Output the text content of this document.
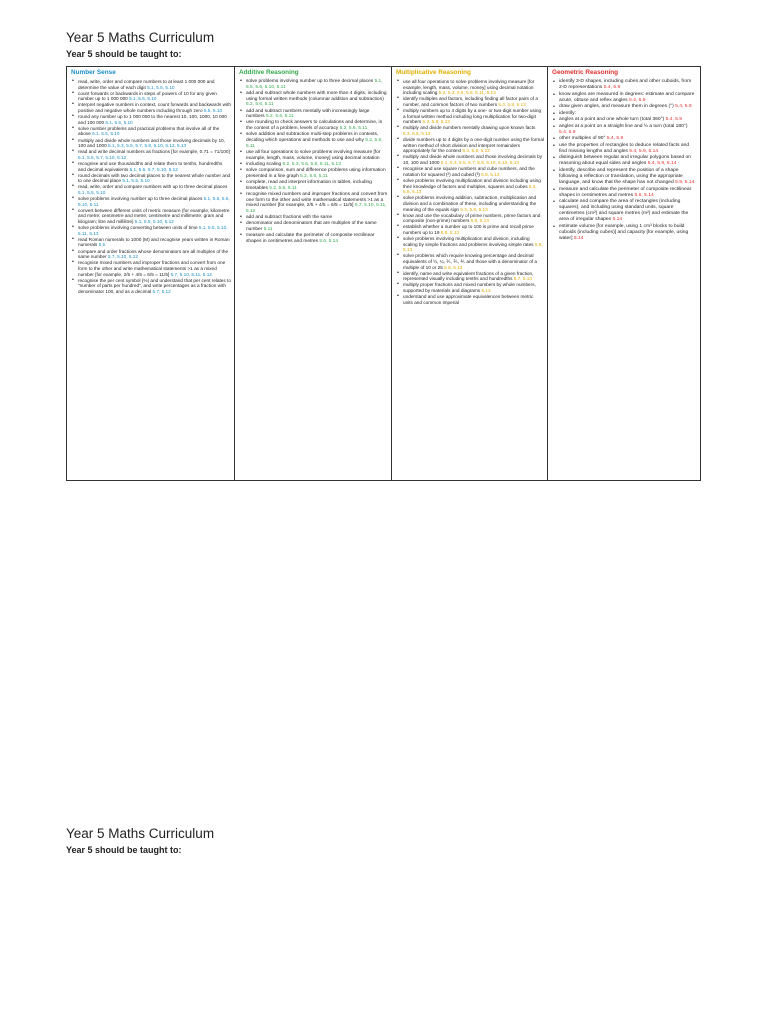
Year 5 Maths Curriculum
Year 5 should be taught to:
Number Sense
• read, write, order and compare numbers to at least 1 000 000 and determine the value of each digit 5.1, 5.5, 5.10
• count forwards or backwards in steps of powers of 10 for any given number up to 1 000 000 5.1, 5.5, 5.10
• interpret negative numbers in context, count forwards and backwards with positive and negative whole numbers including through zero 5.5, 5.10
• round any number up to 1 000 000 to the nearest 10, 100, 1000, 10 000 and 100 000 5.1, 5.5, 5.10
• solve number problems and practical problems that involve all of the above 5.1, 5.5, 5.10
• multiply and divide whole numbers and those involving decimals by 10, 100 and 1000 5.1, 5.3, 5.5, 5.7, 5.8, 5.10, 5.12, 5.13
• read and write decimal numbers as fractions [for example, 0.71 = 71/100] 5.1, 5.5, 5.7, 5.10, 5.12
• recognise and use thousandths and relate them to tenths, hundredths and decimal equivalents 5.1, 5.5, 5.7, 5.10, 5.12
• round decimals with two decimal places to the nearest whole number and to one decimal place 5.1, 5.5, 5.10
• read, write, order and compare numbers with up to three decimal places 5.1, 5.5, 5.10
• solve problems involving number up to three decimal places 5.1, 5.5, 5.6, 5.10, 5.11
• convert between different units of metric measure (for example, kilometre and metre; centimetre and metre; centimetre and millimetre; gram and kilogram; litre and millilitre) 5.1, 5.5, 5.10, 5.12
• solve problems involving converting between units of time 5.1, 5.5, 5.10, 5.11, 5.13
• read Roman numerals to 1000 (M) and recognise years written in Roman numerals 5.5
• compare and order fractions whose denominators are all multiples of the same number 5.7, 5.10, 5.12
• recognise mixed numbers and improper fractions and convert from one form to the other and write mathematical statements >1 as a mixed number [for example, 2/5 + 4/5 = 6/5 = 11/5] 5.7, 5.10, 5.11, 5.12
• recognise the per cent symbol (%) and understand that per cent relates to "number of parts per hundred", and write percentages as a fraction with denominator 100, and as a decimal 5.7, 5.12

Additive Reasoning
• solve problems involving number up to three decimal places 5.1, 5.5, 5.6, 5.10, 5.11
• add and subtract whole numbers with more than 4 digits, including using formal written methods (columnar addition and subtraction) 5.2, 5.6, 5.11
• add and subtract numbers mentally with increasingly large numbers 5.2, 5.6, 5.11
• use rounding to check answers to calculations and determine, in the context of a problem, levels of accuracy 5.2, 5.6, 5.11
• solve addition and subtraction multi-step problems in contexts, deciding which operations and methods to use and why 5.2, 5.6, 5.11
• use all four operations to solve problems involving measure [for example, length, mass, volume, money] using decimal notation
• including scaling 5.2, 5.3, 5.6, 5.8, 5.11, 5.13
• solve comparison, sum and difference problems using information presented in a line graph 5.2, 5.6, 5.11
• complete, read and interpret information in tables, including timetables 5.2, 5.6, 5.11
• recognise mixed numbers and improper fractions and convert from one form to the other and write mathematical statements >1 as a mixed number [for example, 2/5 + 4/5 = 6/5 = 11/5] 5.7, 5.10, 5.11, 5.12
• add and subtract fractions with the same
• denominator and denominators that are multiples of the same number 5.11
• measure and calculate the perimeter of composite rectilinear shapes in centimetres and metres 5.6, 5.14

Multiplicative Reasoning
• use all four operations to solve problems involving measure [for example, length, mass, volume, money] using decimal notation including scaling 5.2, 5.3, 5.6, 5.8, 5.11, 5.13
• identify multiples and factors, including finding all factor pairs of a number, and common factors of two numbers 5.3, 5.8, 5.13
• multiply numbers up to 4 digits by a one- or two-digit number using a formal written method including long multiplication for two-digit numbers 5.3, 5.8, 5.13
• multiply and divide numbers mentally drawing upon known facts 5.3, 5.8, 5.13
• divide numbers up to 4 digits by a one-digit number using the formal written method of short division and interpret remainders appropriately for the context 5.3, 5.8, 5.13
• multiply and divide whole numbers and those involving decimals by 10, 100 and 1000 5.1, 5.3, 5.5, 5.7, 5.8, 5.10, 5.12, 5.13
• recognise and use square numbers and cube numbers, and the notation for squared (²) and cubed (³) 5.8, 5.13
• solve problems involving multiplication and division including using their knowledge of factors and multiples, squares and cubes 5.3, 5.8, 5.13
• solve problems involving addition, subtraction, multiplication and division and a combination of these, including understanding the meaning of the equals sign 5.3, 5.8, 5.13
• know and use the vocabulary of prime numbers, prime factors and composite (non-prime) numbers 5.8, 5.13
• establish whether a number up to 100 is prime and recall prime numbers up to 19 5.8, 5.13
• solve problems involving multiplication and division, including scaling by simple fractions and problems involving simple rates 5.8, 5.13
• solve problems which require knowing percentage and decimal equivalents of ½, ¼, ⅕, ⅖, ⅘ and those with a denominator of a multiple of 10 or 25 5.8, 5.13
• identify, name and write equivalent fractions of a given fraction, represented visually including tenths and hundredths 5.7, 5.13
• multiply proper fractions and mixed numbers by whole numbers, supported by materials and diagrams 5.13
• understand and use approximate equivalences between metric units and common imperial

Geometric Reasoning
• identify 3-D shapes, including cubes and other cuboids, from 2-D representations 5.4, 5.9
• know angles are measured in degrees: estimate and compare acute, obtuse and reflex angles 5.4, 5.9
• draw given angles, and measure them in degrees (°) 5.4, 5.9
• identify:
• angles at a point and one whole turn (total 360°) 5.4, 5.9
• angles at a point on a straight line and ½ a turn (total 180°) 5.4, 5.9
• other multiples of 90° 5.4, 5.9
• use the properties of rectangles to deduce related facts and find missing lengths and angles 5.4, 5.9, 5.14
• distinguish between regular and irregular polygons based on reasoning about equal sides and angles 5.4, 5.9, 5.14
• identify, describe and represent the position of a shape following a reflection or translation, using the appropriate language, and know that the shape has not changed 5.9, 5.14
• measure and calculate the perimeter of composite rectilinear shapes in centimetres and metres 5.6, 5.14
• calculate and compare the area of rectangles (including squares), and including using standard units, square centimetres (cm²) and square metres (m²) and estimate the area of irregular shapes 5.14
• estimate volume [for example, using 1 cm³ blocks to build cuboids (including cubes)] and capacity [for example, using water] 5.14
Year 5 Maths Curriculum
Year 5 should be taught to:
